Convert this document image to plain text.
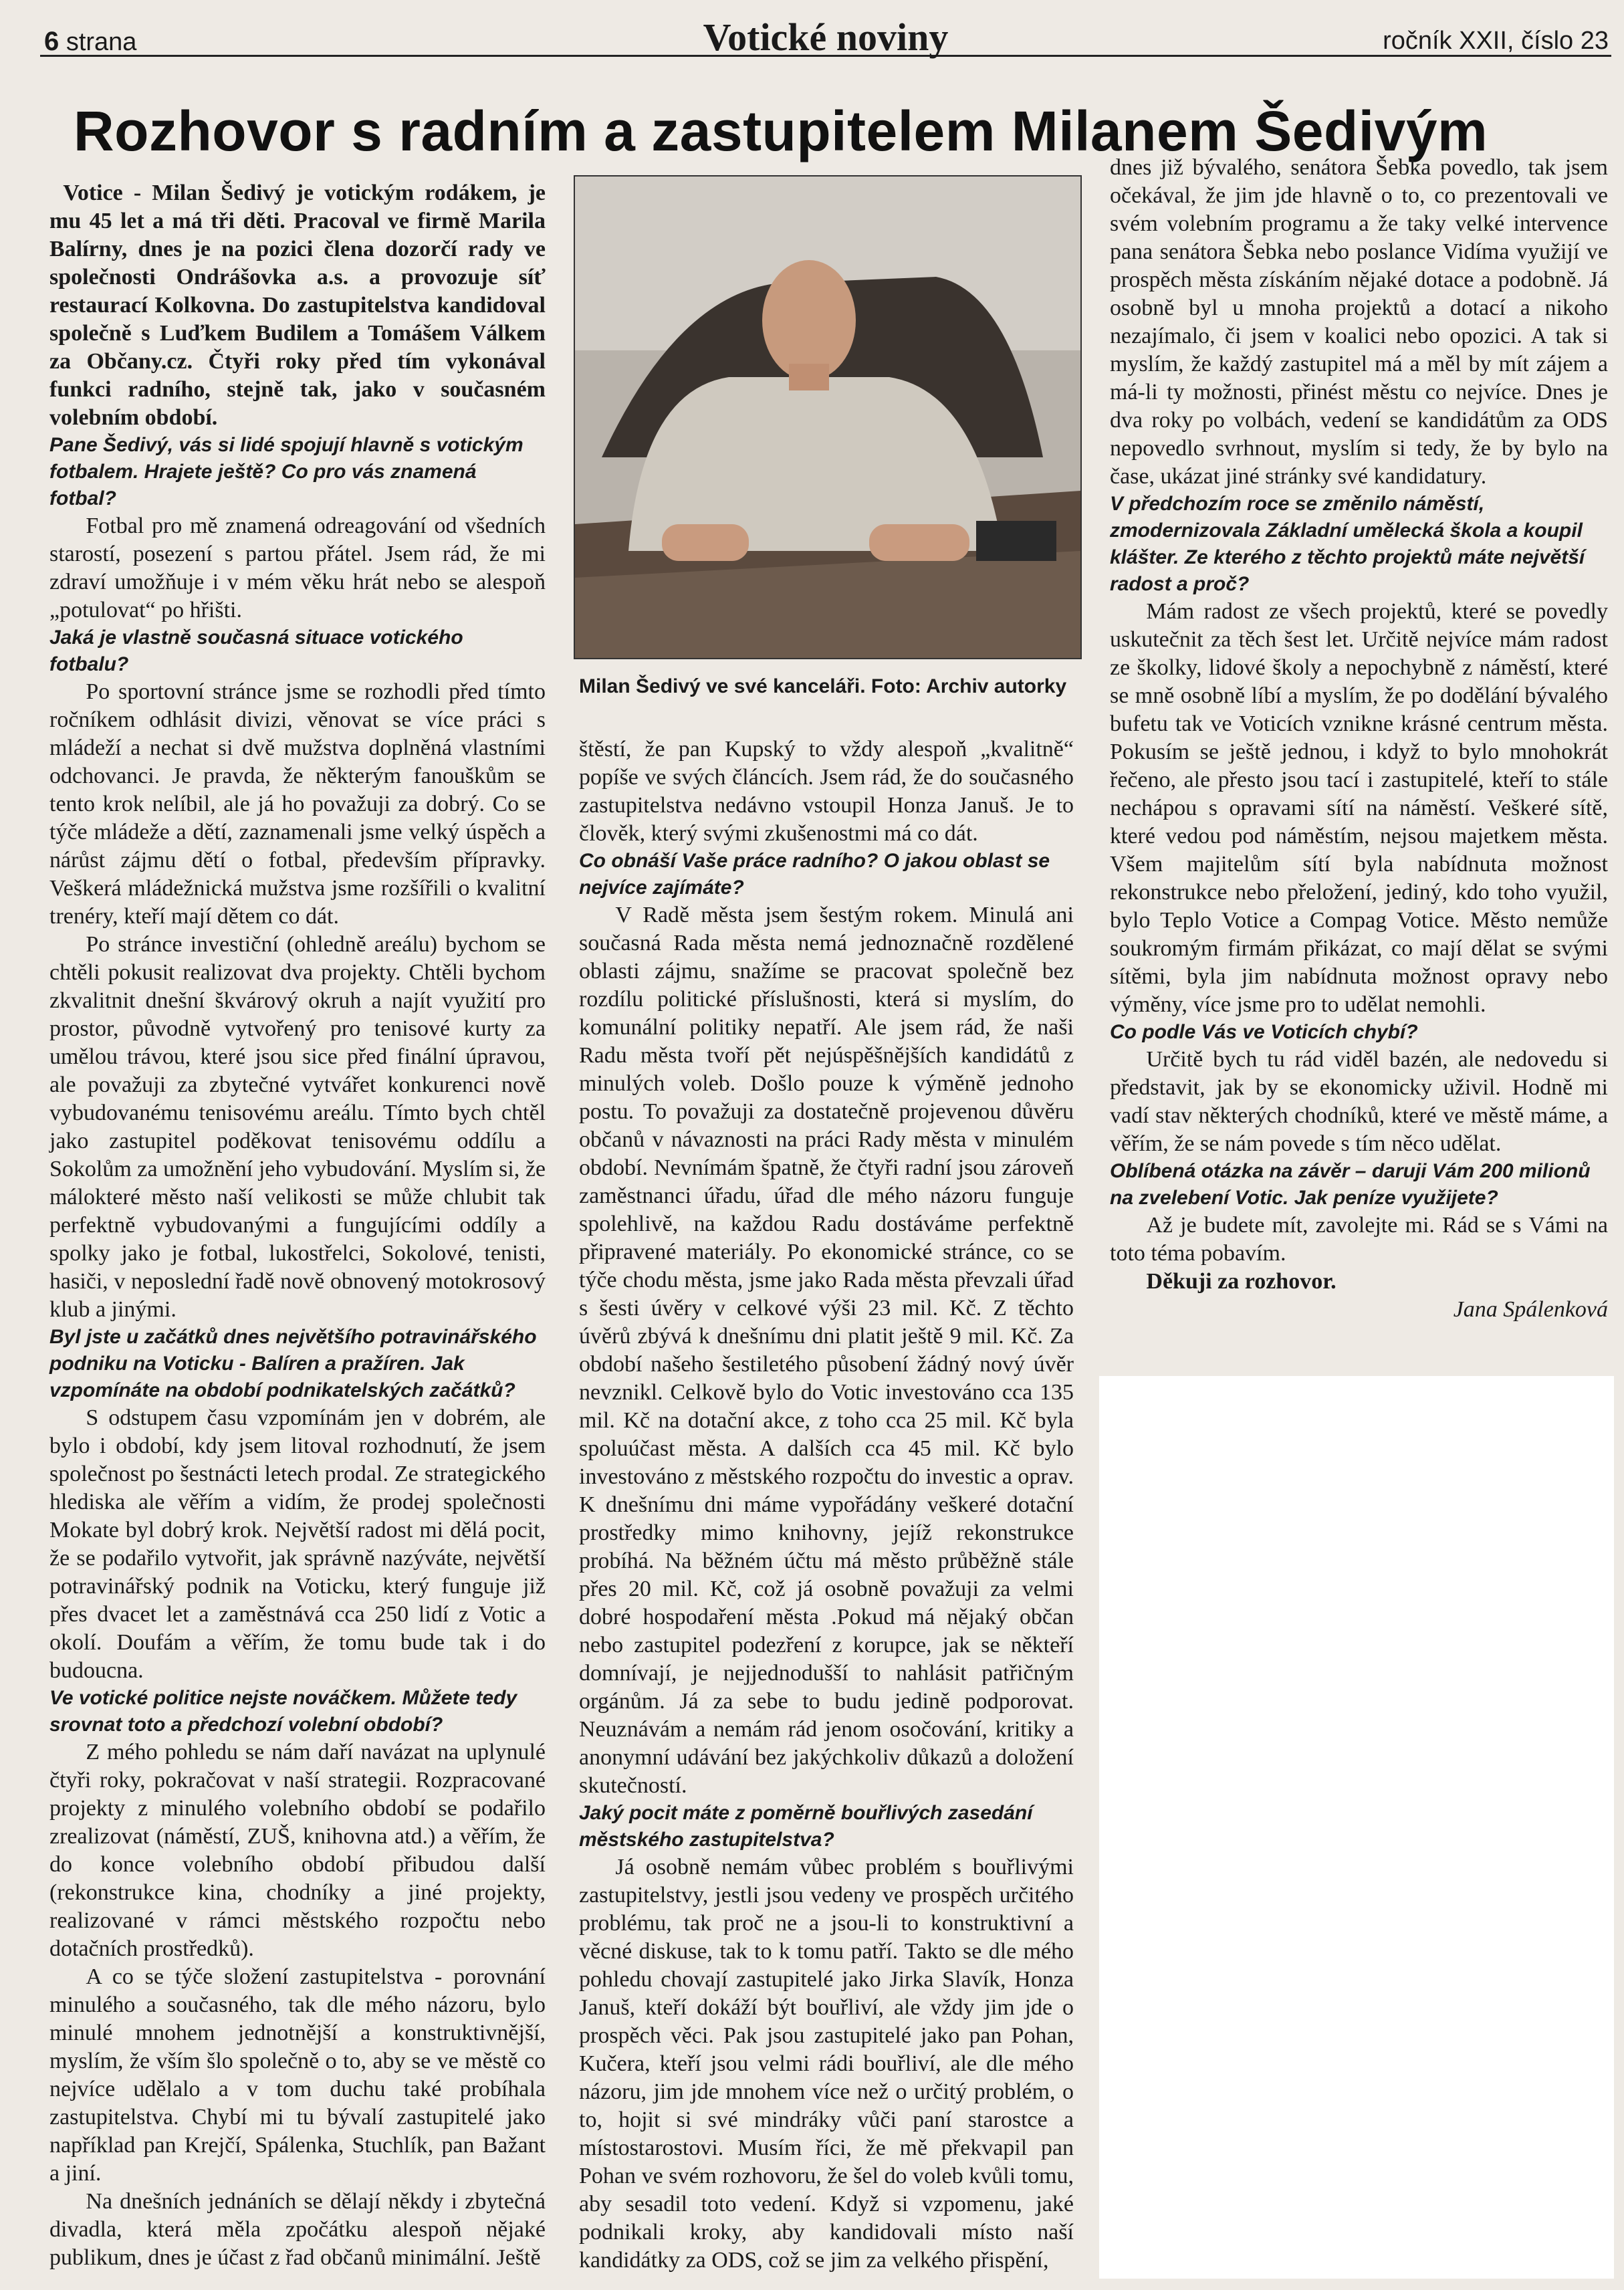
6 strana	Votické noviny	ročník XXII, číslo 23
Rozhovor s radním a zastupitelem Milanem Šedivým
Milan Šedivý ve své kanceláři. Foto: Archiv autorky

Votice - Milan Šedivý je votickým rodákem, je mu 45 let a má tři děti. Pracoval ve firmě Marila Balírny, dnes je na pozici člena dozorčí rady ve společnosti Ondrášovka a.s. a provozuje síť restaurací Kolkovna. Do zastupitelstva kandidoval společně s Luďkem Budilem a Tomášem Válkem za Občany.cz. Čtyři roky před tím vykonával funkci radního, stejně tak, jako v současném volebním období.

Pane Šedivý, vás si lidé spojují hlavně s votickým fotbalem. Hrajete ještě? Co pro vás znamená fotbal?

Fotbal pro mě znamená odreagování od všedních starostí, posezení s partou přátel. Jsem rád, že mi zdraví umožňuje i v mém věku hrát nebo se alespoň „potulovat“ po hřišti.

Jaká je vlastně současná situace votického fotbalu?

Po sportovní stránce jsme se rozhodli před tímto ročníkem odhlásit divizi, věnovat se více práci s mládeží a nechat si dvě mužstva doplněná vlastními odchovanci. Je pravda, že některým fanouškům se tento krok nelíbil, ale já ho považuji za dobrý. Co se týče mládeže a dětí, zaznamenali jsme velký úspěch a nárůst zájmu dětí o fotbal, především přípravky. Veškerá mládežnická mužstva jsme rozšířili o kvalitní trenéry, kteří mají dětem co dát.

Po stránce investiční (ohledně areálu) bychom se chtěli pokusit realizovat dva projekty. Chtěli bychom zkvalitnit dnešní škvárový okruh a najít využití pro prostor, původně vytvořený pro tenisové kurty za umělou trávou, které jsou sice před finální úpravou, ale považuji za zbytečné vytvářet konkurenci nově vybudovanému tenisovému areálu. Tímto bych chtěl jako zastupitel poděkovat tenisovému oddílu a Sokolům za umožnění jeho vybudování. Myslím si, že málokteré město naší velikosti se může chlubit tak perfektně vybudovanými a fungujícími oddíly a spolky jako je fotbal, lukostřelci, Sokolové, tenisti, hasiči, v neposlední řadě nově obnovený motokrosový klub a jinými.

Byl jste u začátků dnes největšího potravinářského podniku na Voticku - Balíren a pražíren. Jak vzpomínáte na období podnikatelských začátků?

S odstupem času vzpomínám jen v dobrém, ale bylo i období, kdy jsem litoval rozhodnutí, že jsem společnost po šestnácti letech prodal. Ze strategického hlediska ale věřím a vidím, že prodej společnosti Mokate byl dobrý krok. Největší radost mi dělá pocit, že se podařilo vytvořit, jak správně nazýváte, největší potravinářský podnik na Voticku, který funguje již přes dvacet let a zaměstnává cca 250 lidí z Votic a okolí. Doufám a věřím, že tomu bude tak i do budoucna.

Ve votické politice nejste nováčkem. Můžete tedy srovnat toto a předchozí volební období?

Z mého pohledu se nám daří navázat na uplynulé čtyři roky, pokračovat v naší strategii. Rozpracované projekty z minulého volebního období se podařilo zrealizovat (náměstí, ZUŠ, knihovna atd.) a věřím, že do konce volebního období přibudou další (rekonstrukce kina, chodníky a jiné projekty, realizované v rámci městského rozpočtu nebo dotačních prostředků).

A co se týče složení zastupitelstva - porovnání minulého a současného, tak dle mého názoru, bylo minulé mnohem jednotnější a konstruktivnější, myslím, že vším šlo společně o to, aby se ve městě co nejvíce udělalo a v tom duchu také probíhala zastupitelstva. Chybí mi tu bývalí zastupitelé jako například pan Krejčí, Spálenka, Stuchlík, pan Bažant a jiní.

Na dnešních jednáních se dělají někdy i zbytečná divadla, která měla zpočátku alespoň nějaké publikum, dnes je účast z řad občanů minimální. Ještě

štěstí, že pan Kupský to vždy alespoň „kvalitně“ popíše ve svých článcích. Jsem rád, že do současného zastupitelstva nedávno vstoupil Honza Januš. Je to člověk, který svými zkušenostmi má co dát.

Co obnáší Vaše práce radního? O jakou oblast se nejvíce zajímáte?

V Radě města jsem šestým rokem. Minulá ani současná Rada města nemá jednoznačně rozdělené oblasti zájmu, snažíme se pracovat společně bez rozdílu politické příslušnosti, která si myslím, do komunální politiky nepatří. Ale jsem rád, že naši Radu města tvoří pět nejúspěšnějších kandidátů z minulých voleb. Došlo pouze k výměně jednoho postu. To považuji za dostatečně projevenou důvěru občanů v návaznosti na práci Rady města v minulém období. Nevnímám špatně, že čtyři radní jsou zároveň zaměstnanci úřadu, úřad dle mého názoru funguje spolehlivě, na každou Radu dostáváme perfektně připravené materiály. Po ekonomické stránce, co se týče chodu města, jsme jako Rada města převzali úřad s šesti úvěry v celkové výši 23 mil. Kč. Z těchto úvěrů zbývá k dnešnímu dni platit ještě 9 mil. Kč. Za období našeho šestiletého působení žádný nový úvěr nevznikl. Celkově bylo do Votic investováno cca 135 mil. Kč na dotační akce, z toho cca 25 mil. Kč byla spoluúčast města. A dalších cca 45 mil. Kč bylo investováno z městského rozpočtu do investic a oprav. K dnešnímu dni máme vypořádány veškeré dotační prostředky mimo knihovny, jejíž rekonstrukce probíhá. Na běžném účtu má město průběžně stále přes 20 mil. Kč, což já osobně považuji za velmi dobré hospodaření města .Pokud má nějaký občan nebo zastupitel podezření z korupce, jak se někteří domnívají, je nejjednodušší to nahlásit patřičným orgánům. Já za sebe to budu jedině podporovat. Neuznávám a nemám rád jenom osočování, kritiky a anonymní udávání bez jakýchkoliv důkazů a doložení skutečností.

Jaký pocit máte z poměrně bouřlivých zasedání městského zastupitelstva?

Já osobně nemám vůbec problém s bouřlivými zastupitelstvy, jestli jsou vedeny ve prospěch určitého problému, tak proč ne a jsou-li to konstruktivní a věcné diskuse, tak to k tomu patří. Takto se dle mého pohledu chovají zastupitelé jako Jirka Slavík, Honza Januš, kteří dokáží být bouřliví, ale vždy jim jde o prospěch věci. Pak jsou zastupitelé jako pan Pohan, Kučera, kteří jsou velmi rádi bouřliví, ale dle mého názoru, jim jde mnohem více než o určitý problém, o to, hojit si své mindráky vůči paní starostce a místostarostovi. Musím říci, že mě překvapil pan Pohan ve svém rozhovoru, že šel do voleb kvůli tomu, aby sesadil toto vedení. Když si vzpomenu, jaké podnikali kroky, aby kandidovali místo naší kandidátky za ODS, což se jim za velkého přispění,

dnes již bývalého, senátora Šebka povedlo, tak jsem očekával, že jim jde hlavně o to, co prezentovali ve svém volebním programu a že taky velké intervence pana senátora Šebka nebo poslance Vidíma využijí ve prospěch města získáním nějaké dotace a podobně. Já osobně byl u mnoha projektů a dotací a nikoho nezajímalo, či jsem v koalici nebo opozici. A tak si myslím, že každý zastupitel má a měl by mít zájem a má-li ty možnosti, přinést městu co nejvíce. Dnes je dva roky po volbách, vedení se kandidátům za ODS nepovedlo svrhnout, myslím si tedy, že by bylo na čase, ukázat jiné stránky své kandidatury.

V předchozím roce se změnilo náměstí, zmodernizovala Základní umělecká škola a koupil klášter. Ze kterého z těchto projektů máte největší radost a proč?

Mám radost ze všech projektů, které se povedly uskutečnit za těch šest let. Určitě nejvíce mám radost ze školky, lidové školy a nepochybně z náměstí, které se mně osobně líbí a myslím, že po dodělání bývalého bufetu tak ve Voticích vznikne krásné centrum města. Pokusím se ještě jednou, i když to bylo mnohokrát řečeno, ale přesto jsou tací i zastupitelé, kteří to stále nechápou s opravami sítí na náměstí. Veškeré sítě, které vedou pod náměstím, nejsou majetkem města. Všem majitelům sítí byla nabídnuta možnost rekonstrukce nebo přeložení, jediný, kdo toho využil, bylo Teplo Votice a Compag Votice. Město nemůže soukromým firmám přikázat, co mají dělat se svými sítěmi, byla jim nabídnuta možnost opravy nebo výměny, více jsme pro to udělat nemohli.

Co podle Vás ve Voticích chybí?

Určitě bych tu rád viděl bazén, ale nedovedu si představit, jak by se ekonomicky uživil. Hodně mi vadí stav některých chodníků, které ve městě máme, a věřím, že se nám povede s tím něco udělat.

Oblíbená otázka na závěr – daruji Vám 200 milionů na zvelebení Votic. Jak peníze využijete?

Až je budete mít, zavolejte mi. Rád se s Vámi na toto téma pobavím.

Děkuji za rozhovor.

Jana Spálenková
